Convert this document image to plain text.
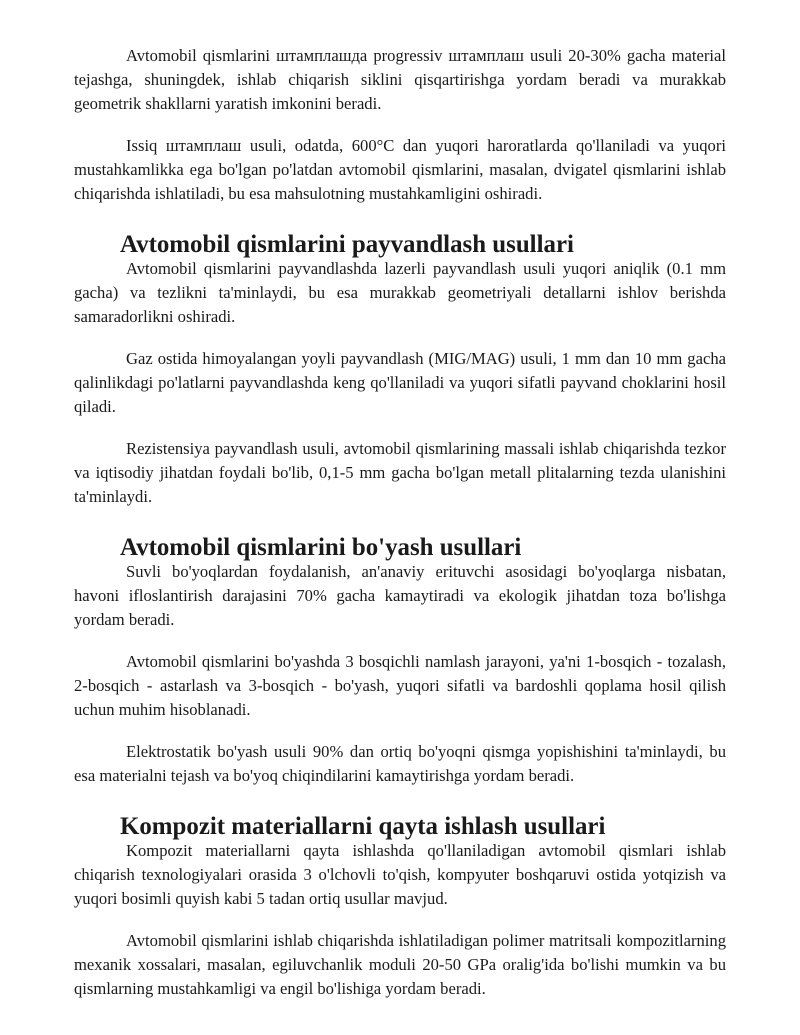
Avtomobil qismlarini штамплашда progressiv штамплаш usuli 20-30% gacha material tejashga, shuningdek, ishlab chiqarish siklini qisqartirishga yordam beradi va murakkab geometrik shakllarni yaratish imkonini beradi.

Issiq штамплаш usuli, odatda, 600°C dan yuqori haroratlarda qo'llaniladi va yuqori mustahkamlikka ega bo'lgan po'latdan avtomobil qismlarini, masalan, dvigatel qismlarini ishlab chiqarishda ishlatiladi, bu esa mahsulotning mustahkamligini oshiradi.

Avtomobil qismlarini payvandlash usullari

Avtomobil qismlarini payvandlashda lazerli payvandlash usuli yuqori aniqlik (0.1 mm gacha) va tezlikni ta'minlaydi, bu esa murakkab geometriyali detallarni ishlov berishda samaradorlikni oshiradi.

Gaz ostida himoyalangan yoyli payvandlash (MIG/MAG) usuli, 1 mm dan 10 mm gacha qalinlikdagi po'latlarni payvandlashda keng qo'llaniladi va yuqori sifatli payvand choklarini hosil qiladi.

Rezistensiya payvandlash usuli, avtomobil qismlarining massali ishlab chiqarishda tezkor va iqtisodiy jihatdan foydali bo'lib, 0,1-5 mm gacha bo'lgan metall plitalarning tezda ulanishini ta'minlaydi.

Avtomobil qismlarini bo'yash usullari

Suvli bo'yoqlardan foydalanish, an'anaviy erituvchi asosidagi bo'yoqlarga nisbatan, havoni ifloslantirish darajasini 70% gacha kamaytiradi va ekologik jihatdan toza bo'lishga yordam beradi.

Avtomobil qismlarini bo'yashda 3 bosqichli namlash jarayoni, ya'ni 1-bosqich - tozalash, 2-bosqich - astarlash va 3-bosqich - bo'yash, yuqori sifatli va bardoshli qoplama hosil qilish uchun muhim hisoblanadi.

Elektrostatik bo'yash usuli 90% dan ortiq bo'yoqni qismga yopishishini ta'minlaydi, bu esa materialni tejash va bo'yoq chiqindilarini kamaytirishga yordam beradi.

Kompozit materiallarni qayta ishlash usullari

Kompozit materiallarni qayta ishlashda qo'llaniladigan avtomobil qismlari ishlab chiqarish texnologiyalari orasida 3 o'lchovli to'qish, kompyuter boshqaruvi ostida yotqizish va yuqori bosimli quyish kabi 5 tadan ortiq usullar mavjud.

Avtomobil qismlarini ishlab chiqarishda ishlatiladigan polimer matritsali kompozitlarning mexanik xossalari, masalan, egiluvchanlik moduli 20-50 GPa oralig'ida bo'lishi mumkin va bu qismlarning mustahkamligi va engil bo'lishiga yordam beradi.
